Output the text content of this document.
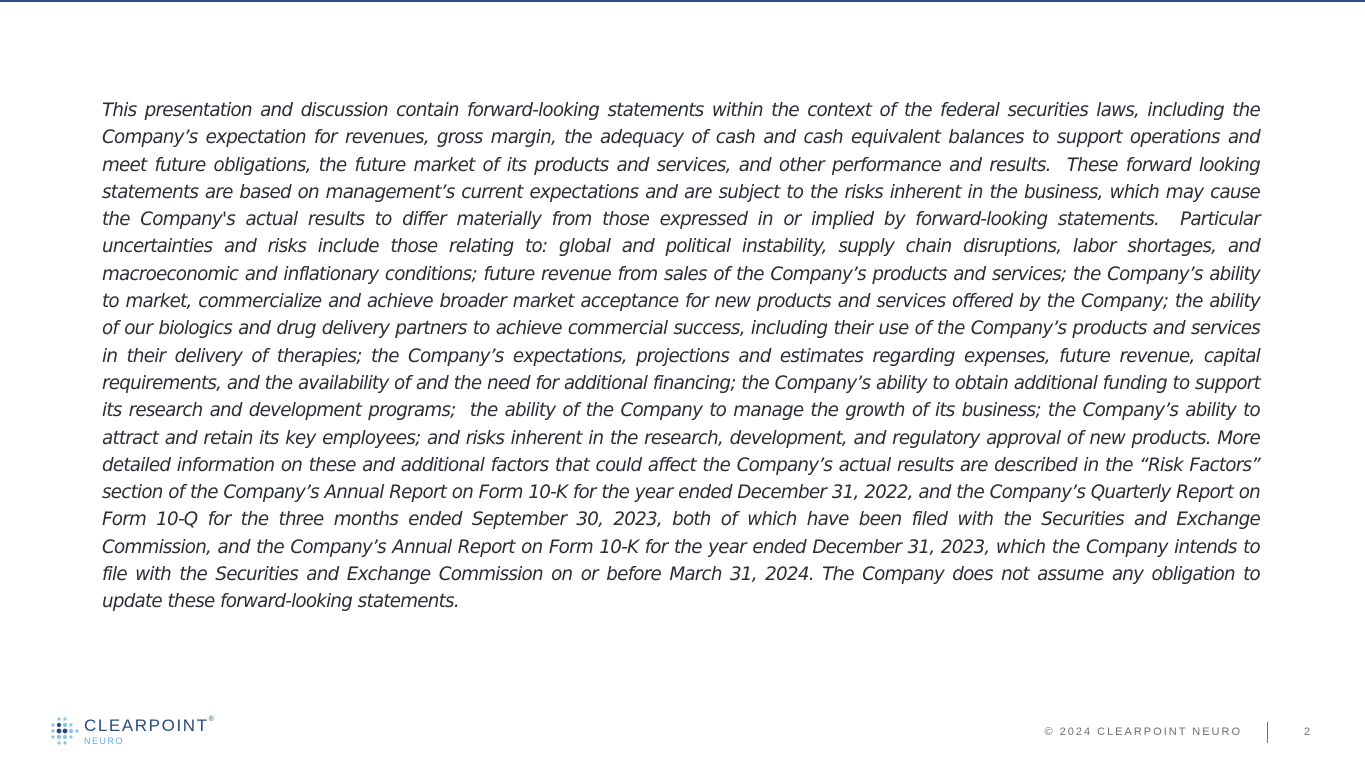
This presentation and discussion contain forward-looking statements within the context of the federal securities laws, including the Company’s expectation for revenues, gross margin, the adequacy of cash and cash equivalent balances to support operations and meet future obligations, the future market of its products and services, and other performance and results.  These forward looking statements are based on management’s current expectations and are subject to the risks inherent in the business, which may cause the Company's actual results to differ materially from those expressed in or implied by forward-looking statements.  Particular uncertainties and risks include those relating to: global and political instability, supply chain disruptions, labor shortages, and macroeconomic and inflationary conditions; future revenue from sales of the Company’s products and services; the Company’s ability to market, commercialize and achieve broader market acceptance for new products and services offered by the Company; the ability of our biologics and drug delivery partners to achieve commercial success, including their use of the Company’s products and services in their delivery of therapies; the Company’s expectations, projections and estimates regarding expenses, future revenue, capital requirements, and the availability of and the need for additional financing; the Company’s ability to obtain additional funding to support its research and development programs;  the ability of the Company to manage the growth of its business; the Company’s ability to attract and retain its key employees; and risks inherent in the research, development, and regulatory approval of new products. More detailed information on these and additional factors that could affect the Company’s actual results are described in the “Risk Factors” section of the Company’s Annual Report on Form 10-K for the year ended December 31, 2022, and the Company’s Quarterly Report on Form 10-Q for the three months ended September 30, 2023, both of which have been filed with the Securities and Exchange Commission, and the Company’s Annual Report on Form 10-K for the year ended December 31, 2023, which the Company intends to file with the Securities and Exchange Commission on or before March 31, 2024. The Company does not assume any obligation to update these forward-looking statements.

CLEARPOINT®
NEURO
© 2024 CLEARPOINT NEURO	2
